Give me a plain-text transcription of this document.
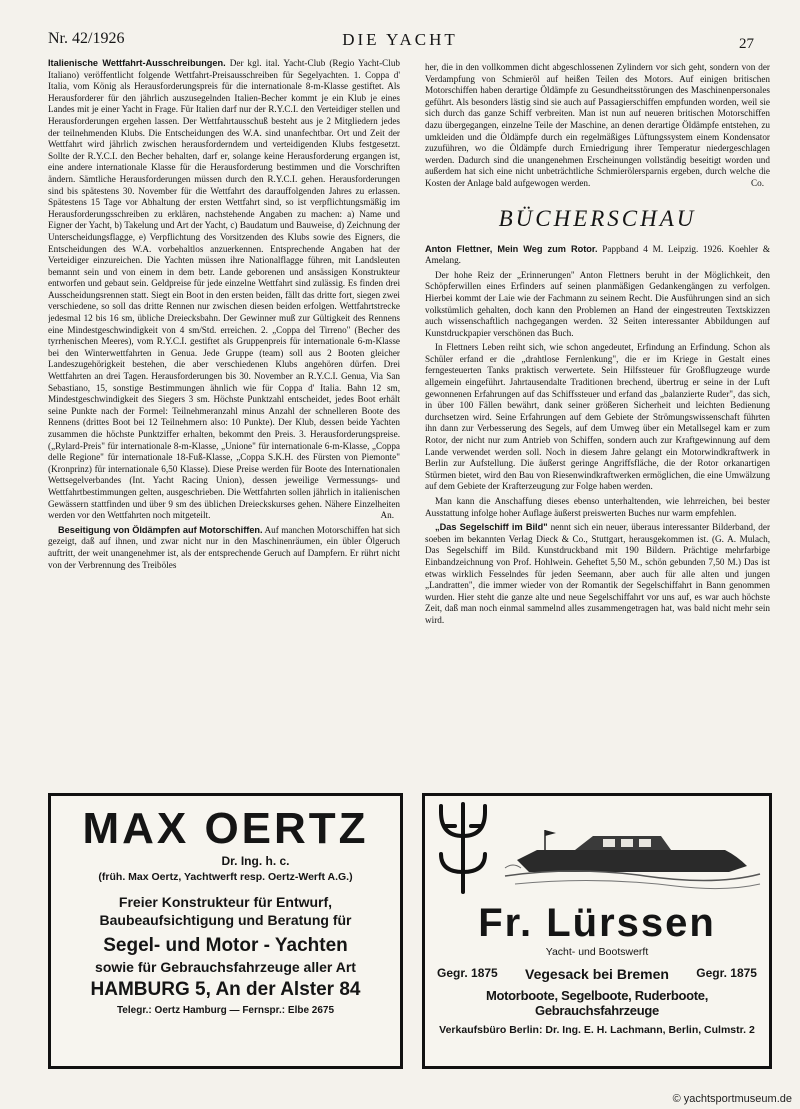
Nr. 42/1926	DIE YACHT	27

Italienische Wettfahrt-Ausschreibungen. Der kgl. ital. Yacht-Club (Regio Yacht-Club Italiano) veröffentlicht folgende Wettfahrt-Preisausschreiben für Segelyachten. 1. Coppa d' Italia, vom König als Herausforderungspreis für die internationale 8-m-Klasse gestiftet. Als Herausforderer für den jährlich auszusegelnden Italien-Becher kommt je ein Klub je eines Landes mit je einer Yacht in Frage. Für Italien darf nur der R.Y.C.I. den Verteidiger stellen und Herausforderungen ergehen lassen. Der Wettfahrtausschuß besteht aus je 2 Mitgliedern jedes der teilnehmenden Klubs. Die Entscheidungen des W.A. sind unanfechtbar. Ort und Zeit der Wettfahrt wird jährlich zwischen herausforderndem und verteidigenden Klubs festgesetzt. Sollte der R.Y.C.I. den Becher behalten, darf er, solange keine Herausforderung ergangen ist, eine andere internationale Klasse für die Herausforderung bestimmen und die Vorschriften ändern. Sämtliche Herausforderungen müssen durch den R.Y.C.I. gehen. Herausforderungen sind bis spätestens 30. November für die Wettfahrt des darauffolgenden Jahres zu erlassen. Spätestens 15 Tage vor Abhaltung der ersten Wettfahrt sind, so ist verpflichtungsmäßig im Herausforderungsschreiben zu erklären, nachstehende Angaben zu machen: a) Name und Eigner der Yacht, b) Takelung und Art der Yacht, c) Baudatum und Bauweise, d) Zeichnung der Unterscheidungsflagge, e) Verpflichtung des Vorsitzenden des Klubs sowie des Eigners, die Entscheidungen des W.A. vorbehaltlos anzuerkennen. Entsprechende Angaben hat der Verteidiger einzureichen. Die Yachten müssen ihre Nationalflagge führen, mit Landsleuten bemannt sein und von einem in dem betr. Lande geborenen und ansässigen Konstrukteur entworfen und gebaut sein. Geldpreise für jede einzelne Wettfahrt sind zulässig. Es finden drei Ausscheidungsrennen statt. Siegt ein Boot in den ersten beiden, fällt das dritte fort, siegen zwei verschiedene, so soll das dritte Rennen nur zwischen diesen beiden erfolgen. Wettfahrtstrecke jedesmal 12 bis 16 sm, übliche Dreiecksbahn. Der Gewinner muß zur Gültigkeit des Rennens eine Mindestgeschwindigkeit von 4 sm/Std. erreichen. 2. „Coppa del Tirreno" (Becher des tyrrhenischen Meeres), vom R.Y.C.I. gestiftet als Gruppenpreis für internationale 6-m-Klasse bei den Winterwettfahrten in Genua. Jede Gruppe (team) soll aus 2 Booten gleicher Landeszugehörigkeit bestehen, die aber verschiedenen Klubs angehören dürfen. Drei Wettfahrten an drei Tagen. Herausforderungen bis 30. November an R.Y.C.I. Genua, Via San Sebastiano, 15, sonstige Bestimmungen ähnlich wie für Coppa d' Italia. Bahn 12 sm, Mindestgeschwindigkeit des Siegers 3 sm. Höchste Punktzahl entscheidet, jedes Boot erhält seine Punkte nach der Formel: Teilnehmeranzahl minus Anzahl der schnelleren Boote des Rennens (drittes Boot bei 12 Teilnehmern also: 10 Punkte). Der Klub, dessen beide Yachten zusammen die höchste Punktziffer erhalten, bekommt den Preis. 3. Herausforderungspreise. („Rylard-Preis" für internationale 8-m-Klasse, „Unione" für internationale 6-m-Klasse, „Coppa delle Regione" für internationale 18-Fuß-Klasse, „Coppa S.K.H. des Fürsten von Piemonte" (Kronprinz) für internationale 6,50 Klasse). Diese Preise werden für Boote des Internationalen Wettsegelverbandes (Int. Yacht Racing Union), dessen jeweilige Vermessungs- und Wettfahrtbestimmungen gelten, ausgeschrieben. Die Wettfahrten sollen jährlich in italienischen Gewässern stattfinden und über 9 sm des üblichen Dreieckskurses gehen. Nähere Einzelheiten werden vor den Wettfahrten noch mitgeteilt.	An.

Beseitigung von Öldämpfen auf Motorschiffen. Auf manchen Motorschiffen hat sich gezeigt, daß auf ihnen, und zwar nicht nur in den Maschinenräumen, ein übler Ölgeruch auftritt, der weit unangenehmer ist, als der entsprechende Geruch auf Dampfern. Er rührt nicht von der Verbrennung des Treiböles

her, die in den vollkommen dicht abgeschlossenen Zylindern vor sich geht, sondern von der Verdampfung von Schmieröl auf heißen Teilen des Motors. Auf einigen britischen Motorschiffen haben derartige Öldämpfe zu Gesundheitsstörungen des Maschinenpersonales geführt. Als besonders lästig sind sie auch auf Passagierschiffen empfunden worden, weil sie sich durch das ganze Schiff verbreiten. Man ist nun auf neueren britischen Motorschiffen dazu übergegangen, einzelne Teile der Maschine, an denen derartige Öldämpfe entstehen, zu umkleiden und die Öldämpfe durch ein regelmäßiges Lüftungssystem einem Kondensator zuzuführen, wo die Öldämpfe durch Erniedrigung ihrer Temperatur niedergeschlagen werden. Dadurch sind die unangenehmen Erscheinungen vollständig beseitigt worden und außerdem hat sich eine nicht unbeträchtliche Schmierölersparnis ergeben, durch welche die Kosten der Anlage bald aufgewogen werden.	Co.

BÜCHERSCHAU

Anton Flettner, Mein Weg zum Rotor. Pappband 4 M. Leipzig. 1926. Koehler & Amelang.

Der hohe Reiz der „Erinnerungen" Anton Flettners beruht in der Möglichkeit, den Schöpferwillen eines Erfinders auf seinen planmäßigen Gedankengängen zu verfolgen. Hierbei kommt der Laie wie der Fachmann zu seinem Recht. Die Ausführungen sind an sich volkstümlich gehalten, doch kann den Problemen an Hand der eingestreuten Textskizzen auch wissenschaftlich nachgegangen werden. 32 Seiten interessanter Abbildungen auf Kunstdruckpapier verschönen das Buch.

In Flettners Leben reiht sich, wie schon angedeutet, Erfindung an Erfindung. Schon als Schüler erfand er die „drahtlose Fernlenkung", die er im Kriege in Gestalt eines ferngesteuerten Tanks praktisch verwertete. Sein Hilfssteuer für Großflugzeuge wurde allgemein eingeführt. Jahrtausendalte Traditionen brechend, übertrug er seine in der Luft gewonnenen Erfahrungen auf das Schiffssteuer und erfand das „balanzierte Ruder", das sich, in über 100 Fällen bewährt, dank seiner größeren Sicherheit und leichten Bedienung durchsetzen wird. Seine Erfahrungen auf dem Gebiete der Strömungswissenschaft führten ihn dann zur Verbesserung des Segels, auf dem Umweg über ein Metallsegel kam er zum Rotor, der nicht nur zum Antrieb von Schiffen, sondern auch zur Kraftgewinnung auf dem Lande verwendet werden soll. Noch in diesem Jahre gelangt ein Motorwindkraftwerk in Berlin zur Aufstellung. Die äußerst geringe Angriffsfläche, die der Rotor orkanartigen Stürmen bietet, wird den Bau von Riesenwindkraftwerken ermöglichen, die eine Umwälzung auf dem Gebiete der Krafterzeugung zur Folge haben werden.

Man kann die Anschaffung dieses ebenso unterhaltenden, wie lehrreichen, bei bester Ausstattung infolge hoher Auflage äußerst preiswerten Buches nur warm empfehlen.

„Das Segelschiff im Bild" nennt sich ein neuer, überaus interessanter Bilderband, der soeben im bekannten Verlag Dieck & Co., Stuttgart, herausgekommen ist. (G. A. Mulach, Das Segelschiff im Bild. Kunstdruckband mit 190 Bildern. Prächtige mehrfarbige Einbandzeichnung von Prof. Hohlwein. Geheftet 5,50 M., schön gebunden 7,50 M.) Das ist etwas wirklich Fesselndes für jeden Seemann, aber auch für alle alten und jungen „Landratten", die immer wieder von der Romantik der Segelschiffahrt in Bann genommen wurden. Hier steht die ganze alte und neue Segelschiffahrt vor uns auf, es war auch höchste Zeit, daß man noch einmal sammelnd alles zusammengetragen hat, was bald nicht mehr sein wird.

MAX OERTZ
Dr. Ing. h. c.
(früh. Max Oertz, Yachtwerft resp. Oertz-Werft A.G.)
Freier Konstrukteur für Entwurf, Baubeaufsichtigung und Beratung für
Segel- und Motor - Yachten
sowie für Gebrauchsfahrzeuge aller Art
HAMBURG 5, An der Alster 84
Telegr.: Oertz Hamburg — Fernspr.: Elbe 2675
Fr. Lürssen
Yacht- und Bootswerft
Gegr. 1875 Vegesack bei Bremen Gegr. 1875
Motorboote, Segelboote, Ruderboote, Gebrauchsfahrzeuge
Verkaufsbüro Berlin: Dr. Ing. E. H. Lachmann, Berlin, Culmstr. 2
© yachtsportmuseum.de
